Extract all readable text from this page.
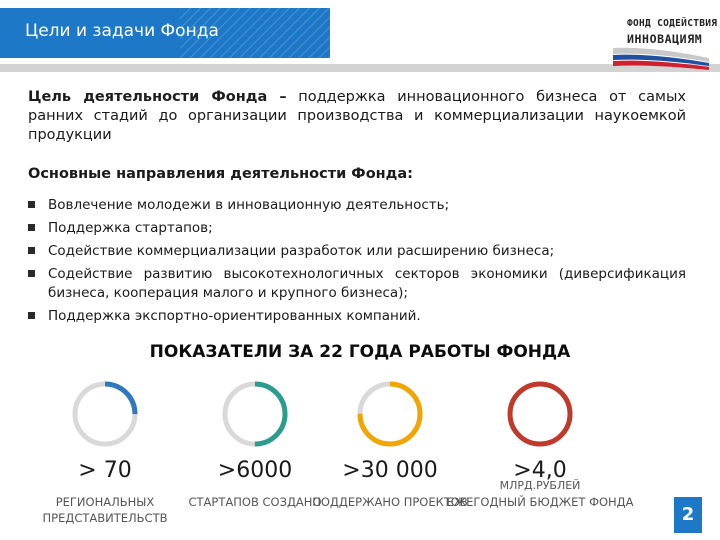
Цели и задачи Фонда	ФОНД СОДЕЙСТВИЯ
ИННОВАЦИЯМ
Цель деятельности Фонда – поддержка инновационного бизнеса от самых ранних стадий до организации производства и коммерциализации наукоемкой продукции
Основные направления деятельности Фонда:
Вовлечение молодежи в инновационную деятельность;
Поддержка стартапов;
Содействие коммерциализации разработок или расширению бизнеса;
Содействие развитию высокотехнологичных секторов экономики (диверсификация бизнеса, кооперация малого и крупного бизнеса);
Поддержка экспортно-ориентированных компаний.
ПОКАЗАТЕЛИ ЗА 22 ГОДА РАБОТЫ ФОНДА
> 70
РЕГИОНАЛЬНЫХ ПРЕДСТАВИТЕЛЬСТВ
>6000
СТАРТАПОВ СОЗДАНО
>30 000
ПОДДЕРЖАНО ПРОЕКТОВ
>4,0
МЛРД.РУБЛЕЙ
ЕЖЕГОДНЫЙ БЮДЖЕТ ФОНДА
2
